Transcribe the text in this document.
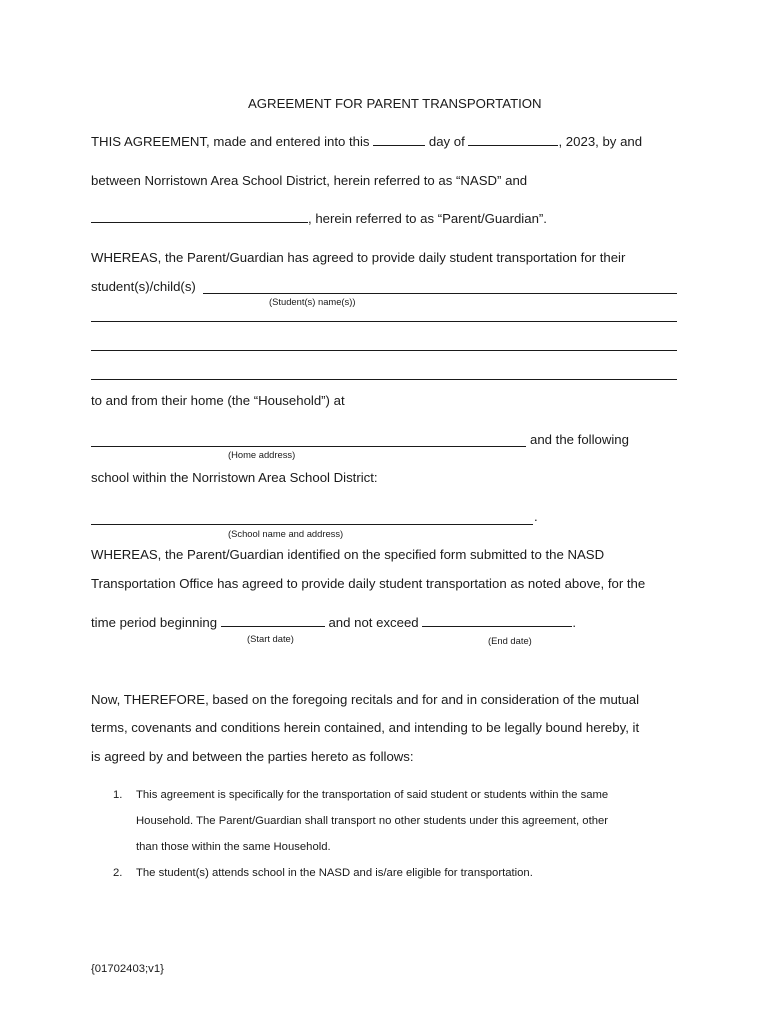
AGREEMENT FOR PARENT TRANSPORTATION
THIS AGREEMENT, made and entered into this	day of	, 2023, by and
between Norristown Area School District, herein referred to as “NASD” and
, herein referred to as “Parent/Guardian”.
WHEREAS, the Parent/Guardian has agreed to provide daily student transportation for their
student(s)/child(s)
(Student(s) name(s))
to and from their home (the “Household”) at
and the following
(Home address)
school within the Norristown Area School District:
.
(School name and address)
WHEREAS, the Parent/Guardian identified on the specified form submitted to the NASD
Transportation Office has agreed to provide daily student transportation as noted above, for the
time period beginning	and not exceed	.
(Start date)	(End date)
Now, THEREFORE, based on the foregoing recitals and for and in consideration of the mutual
terms, covenants and conditions herein contained, and intending to be legally bound hereby, it
is agreed by and between the parties hereto as follows:
1. This agreement is specifically for the transportation of said student or students within the same
Household. The Parent/Guardian shall transport no other students under this agreement, other
than those within the same Household.
2. The student(s) attends school in the NASD and is/are eligible for transportation.
{01702403;v1}
